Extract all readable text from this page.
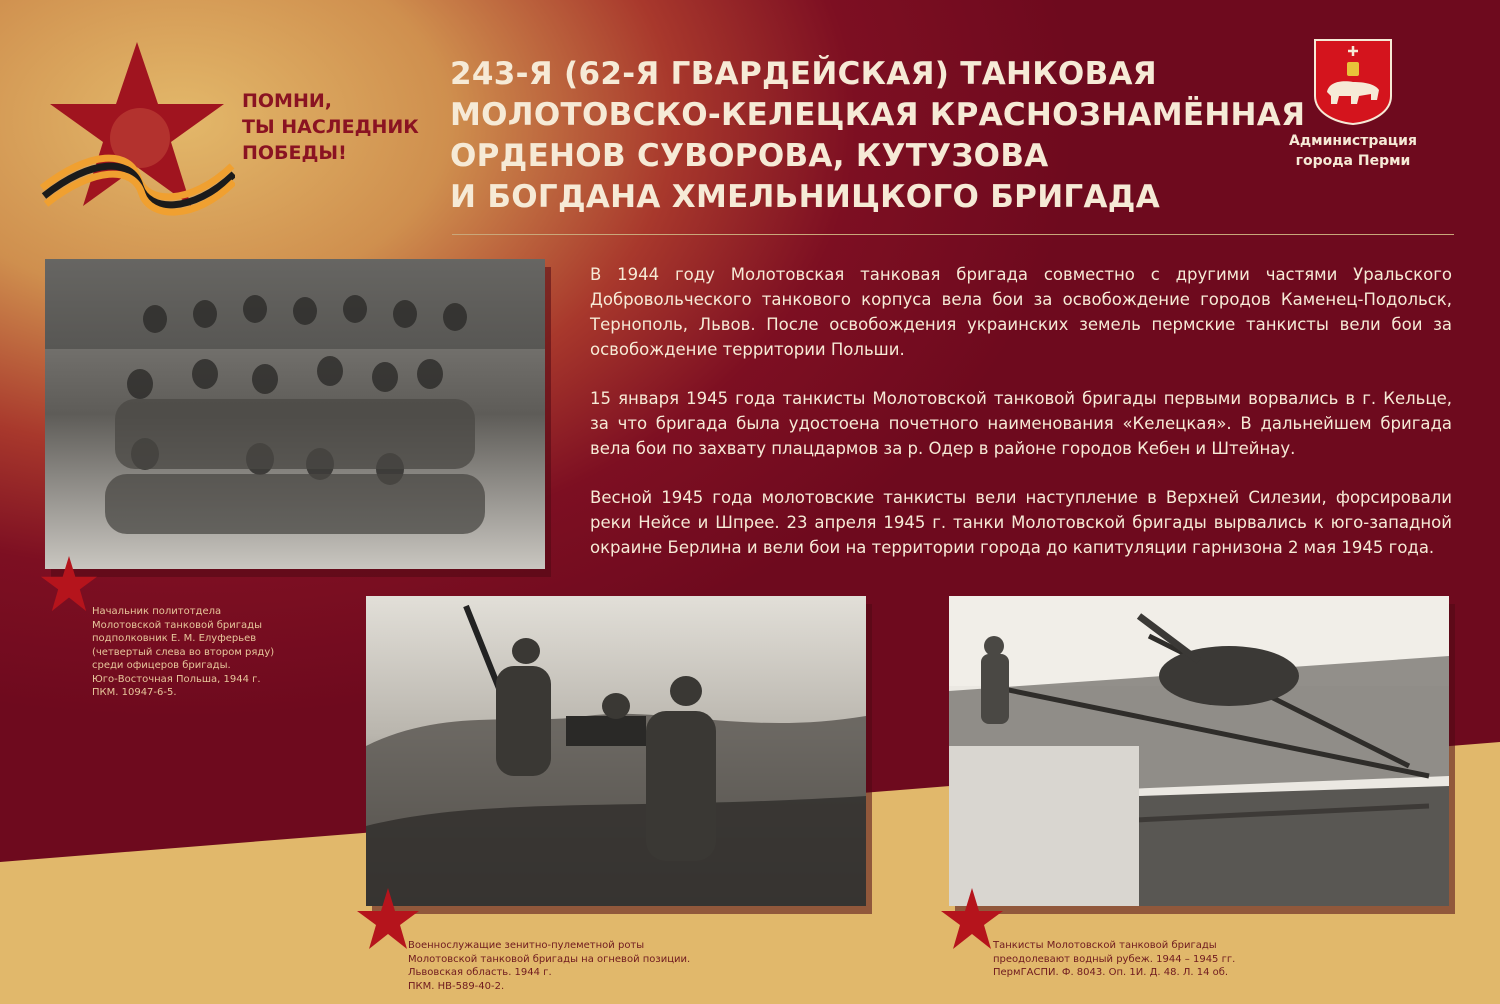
ПОМНИ,
ТЫ НАСЛЕДНИК
ПОБЕДЫ!
243-Я (62-Я ГВАРДЕЙСКАЯ) ТАНКОВАЯ
МОЛОТОВСКО-КЕЛЕЦКАЯ КРАСНОЗНАМЁННАЯ
ОРДЕНОВ СУВОРОВА, КУТУЗОВА
И БОГДАНА ХМЕЛЬНИЦКОГО БРИГАДА
Администрация
города Перми

В 1944 году Молотовская танковая бригада совместно с другими частями Уральского Добровольческого танкового корпуса вела бои за освобождение городов Каменец-Подольск, Тернополь, Львов. После освобождения украинских земель пермские танкисты вели бои за освобождение территории Польши.

15 января 1945 года танкисты Молотовской танковой бригады первыми ворвались в г. Кельце, за что бригада была удостоена почетного наименования «Келецкая». В дальнейшем бригада вела бои по захвату плацдармов за р. Одер в районе городов Кебен и Штейнау.

Весной 1945 года молотовские танкисты вели наступление в Верхней Силезии, форсировали реки Нейсе и Шпрее. 23 апреля 1945 г. танки Молотовской бригады вырвались к юго-западной окраине Берлина и вели бои на территории города до капитуляции гарнизона 2 мая 1945 года.

Начальник политотдела
Молотовской танковой бригады
подполковник Е. М. Елуферьев
(четвертый слева во втором ряду)
среди офицеров бригады.
Юго-Восточная Польша, 1944 г.
ПКМ. 10947-6-5.
Военнослужащие зенитно-пулеметной роты
Молотовской танковой бригады на огневой позиции.
Львовская область. 1944 г.
ПКМ. НВ-589-40-2.
Танкисты Молотовской танковой бригады
преодолевают водный рубеж. 1944 – 1945 гг.
ПермГАСПИ. Ф. 8043. Оп. 1И. Д. 48. Л. 14 об.
